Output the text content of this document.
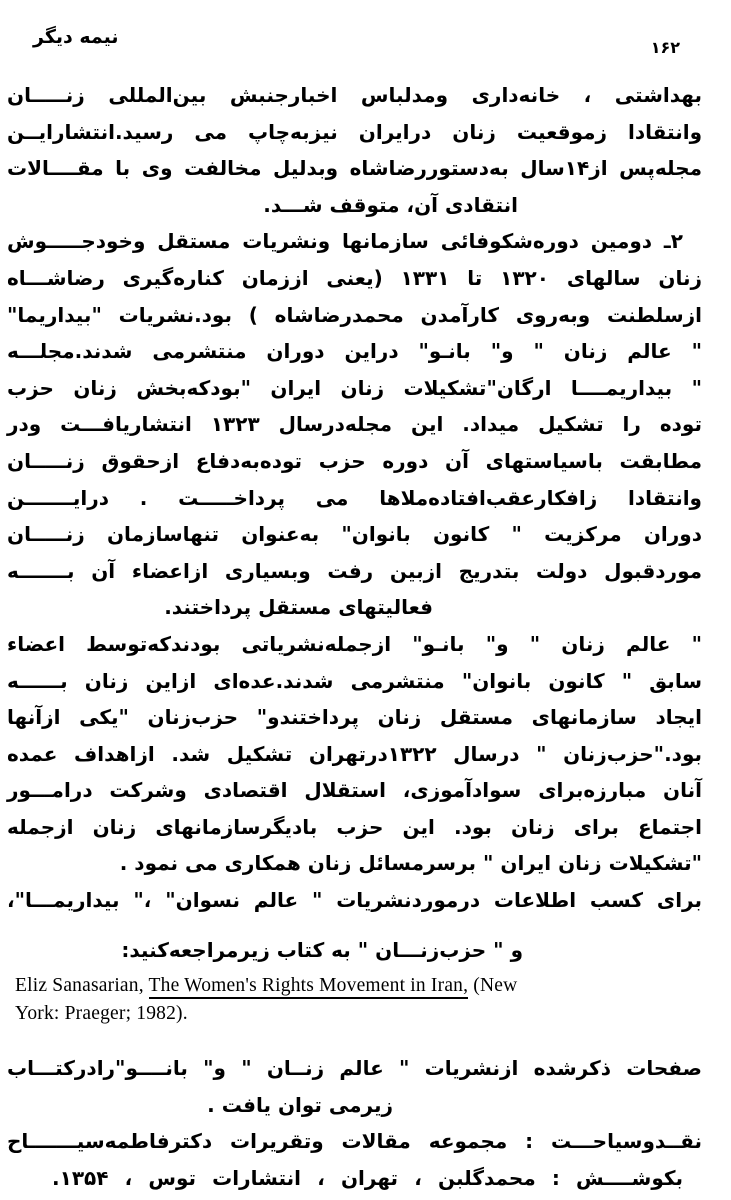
نیمه دیگر	۱۶۲
بهداشتی ، خانه‌داری ومدلباس اخبارجنبش بین‌المللی زنـــــان
وانتقادا زموقعیت زنان درایران نیزبه‌چاپ می رسید.انتشارایــن
مجله‌پس از۱۴سال به‌دستوررضاشاه وبدلیل مخالفت وی با مقــــالات
انتقادی آن، متوقف شـــد.
۲ـ دومین دوره‌شکوفائی سازمانها ونشریات مستقل وخودجـــــوش
زنان سالهای ۱۳۲۰ تا ۱۳۳۱ (یعنی اززمان کناره‌گیری رضاشـــاه
ازسلطنت وبه‌روی کارآمدن محمدرضاشاه ) بود.نشریات "بیداریما"
" عالم زنان " و" بانـو" دراین دوران منتشرمی شدند.مجلـــه
" بیداریمــــا ارگان"تشکیلات زنان ایران "بودکه‌بخش زنان حزب
توده را تشکیل میداد. این مجله‌درسال ۱۳۲۳ انتشاریافـــت ودر
مطابقت باسیاستهای آن دوره حزب توده‌به‌دفاع ازحقوق زنـــــان
وانتقادا زافکارعقب‌افتاده‌ملاها می پرداخـــــت . درایـــــــن
دوران مرکزیت " کانون بانوان" به‌عنوان تنهاسازمان زنـــــان
موردقبول دولت بتدریج ازبین رفت وبسیاری ازاعضاء آن بـــــــه
فعالیتهای مستقل پرداختند.
" عالم زنان " و" بانـو" ازجمله‌نشریاتی بودندکه‌توسط اعضاء
سابق " کانون بانوان" منتشرمی شدند.عده‌ای ازاین زنان بــــــه
ایجاد سازمانهای مستقل زنان پرداختندو" حزب‌زنان "یکی ازآنها
بود."حزب‌زنان " درسال ۱۳۲۲درتهران تشکیل شد. ازاهداف عمده
آنان مبارزه‌برای سوادآموزی، استقلال اقتصادی وشرکت درامـــور
اجتماع برای زنان بود. این حزب بادیگرسازمانهای زنان ازجمله
"تشکیلات زنان ایران " برسرمسائل زنان همکاری می نمود .
برای کسب اطلاعات درموردنشریات " عالم نسوان" ،" بیداریمـــا"،
و " حزب‌زنـــان " به کتاب زیرمراجعه‌کنید:
Eliz Sanasarian, The Women's Rights Movement in Iran, (New
York: Praeger; 1982).
صفحات ذکرشده ازنشریات " عالم زنــان " و" بانــــو"رادرکتـــاب
زیرمی توان یافت .
نقــدوسیاحـــت : مجموعه مقالات وتقریرات دکترفاطمه‌سیـــــــاح
بکوشــــش : محمدگلبن ، تهران ، انتشارات توس ، ۱۳۵۴.
